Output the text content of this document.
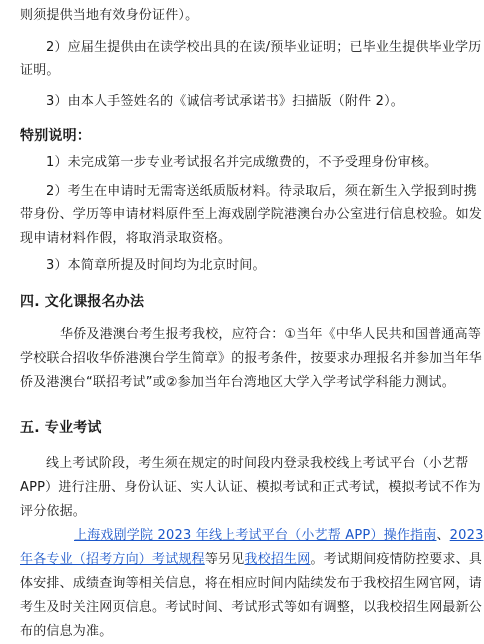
则须提供当地有效身份证件）。
2）应届生提供由在读学校出具的在读/预毕业证明；已毕业生提供毕业学历
证明。
3）由本人手签姓名的《诚信考试承诺书》扫描版（附件 2）。
特别说明：
1）未完成第一步专业考试报名并完成缴费的，不予受理身份审核。
2）考生在申请时无需寄送纸质版材料。待录取后，须在新生入学报到时携
带身份、学历等申请材料原件至上海戏剧学院港澳台办公室进行信息校验。如发
现申请材料作假，将取消录取资格。
3）本简章所提及时间均为北京时间。
四. 文化课报名办法
华侨及港澳台考生报考我校，应符合：①当年《中华人民共和国普通高等
学校联合招收华侨港澳台学生简章》的报考条件，按要求办理报名并参加当年华
侨及港澳台“联招考试”或②参加当年台湾地区大学入学考试学科能力测试。
五. 专业考试
线上考试阶段，考生须在规定的时间段内登录我校线上考试平台（小艺帮
APP）进行注册、身份认证、实人认证、模拟考试和正式考试，模拟考试不作为
评分依据。
上海戏剧学院 2023 年线上考试平台（小艺帮 APP）操作指南、2023
年各专业（招考方向）考试规程等另见我校招生网。考试期间疫情防控要求、具
体安排、成绩查询等相关信息，将在相应时间内陆续发布于我校招生网官网，请
考生及时关注网页信息。考试时间、考试形式等如有调整，以我校招生网最新公
布的信息为准。
